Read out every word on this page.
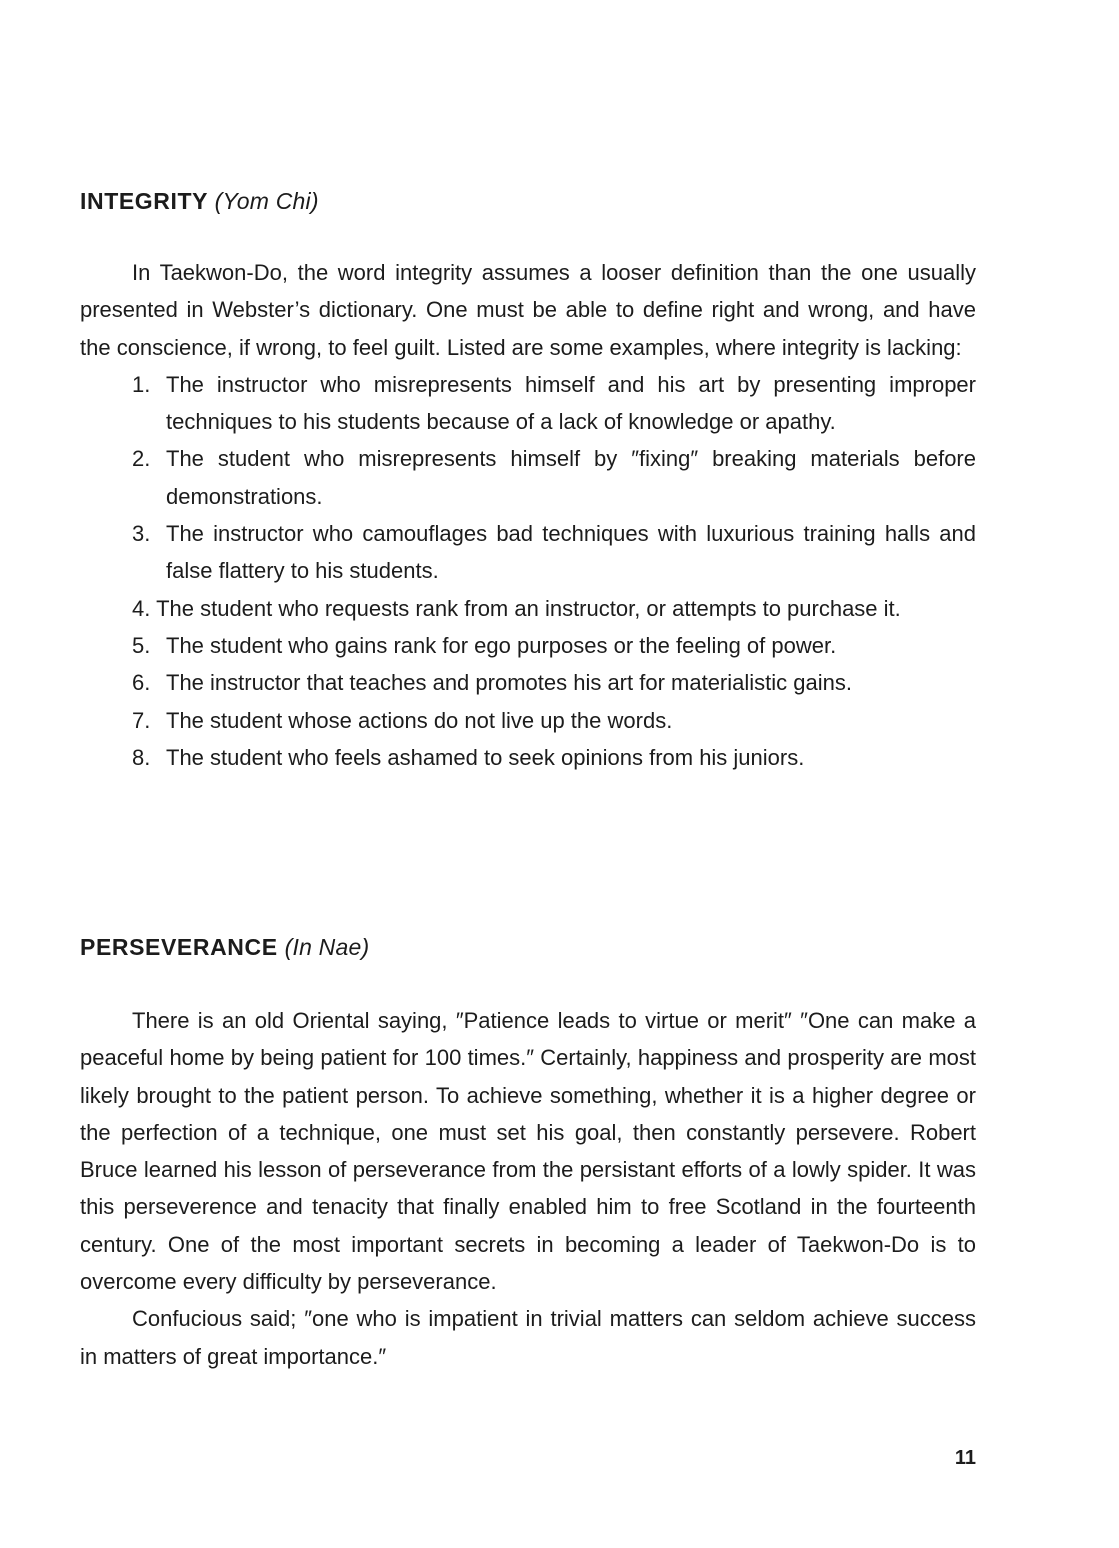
INTEGRITY (Yom Chi)

In Taekwon-Do, the word integrity assumes a looser definition than the one usually presented in Webster’s dictionary. One must be able to define right and wrong, and have the conscience, if wrong, to feel guilt. Listed are some examples, where integrity is lacking:

1. The instructor who misrepresents himself and his art by presenting improper techniques to his students because of a lack of knowledge or apathy.
2. The student who misrepresents himself by ″fixing″ breaking materials before demonstrations.
3. The instructor who camouflages bad techniques with luxurious training halls and false flattery to his students.
4. The student who requests rank from an instructor, or attempts to purchase it.
5. The student who gains rank for ego purposes or the feeling of power.
6. The instructor that teaches and promotes his art for materialistic gains.
7. The student whose actions do not live up the words.
8. The student who feels ashamed to seek opinions from his juniors.
PERSEVERANCE (In Nae)

There is an old Oriental saying, ″Patience leads to virtue or merit″ ″One can make a peaceful home by being patient for 100 times.″ Certainly, happiness and prosperity are most likely brought to the patient person. To achieve something, whether it is a higher degree or the perfection of a technique, one must set his goal, then constantly persevere. Robert Bruce learned his lesson of perseverance from the persistant efforts of a lowly spider. It was this perseverence and tenacity that finally enabled him to free Scotland in the fourteenth century. One of the most important secrets in becoming a leader of Taekwon-Do is to overcome every difficulty by perseverance.

Confucious said; ″one who is impatient in trivial matters can seldom achieve success in matters of great importance.″

11
